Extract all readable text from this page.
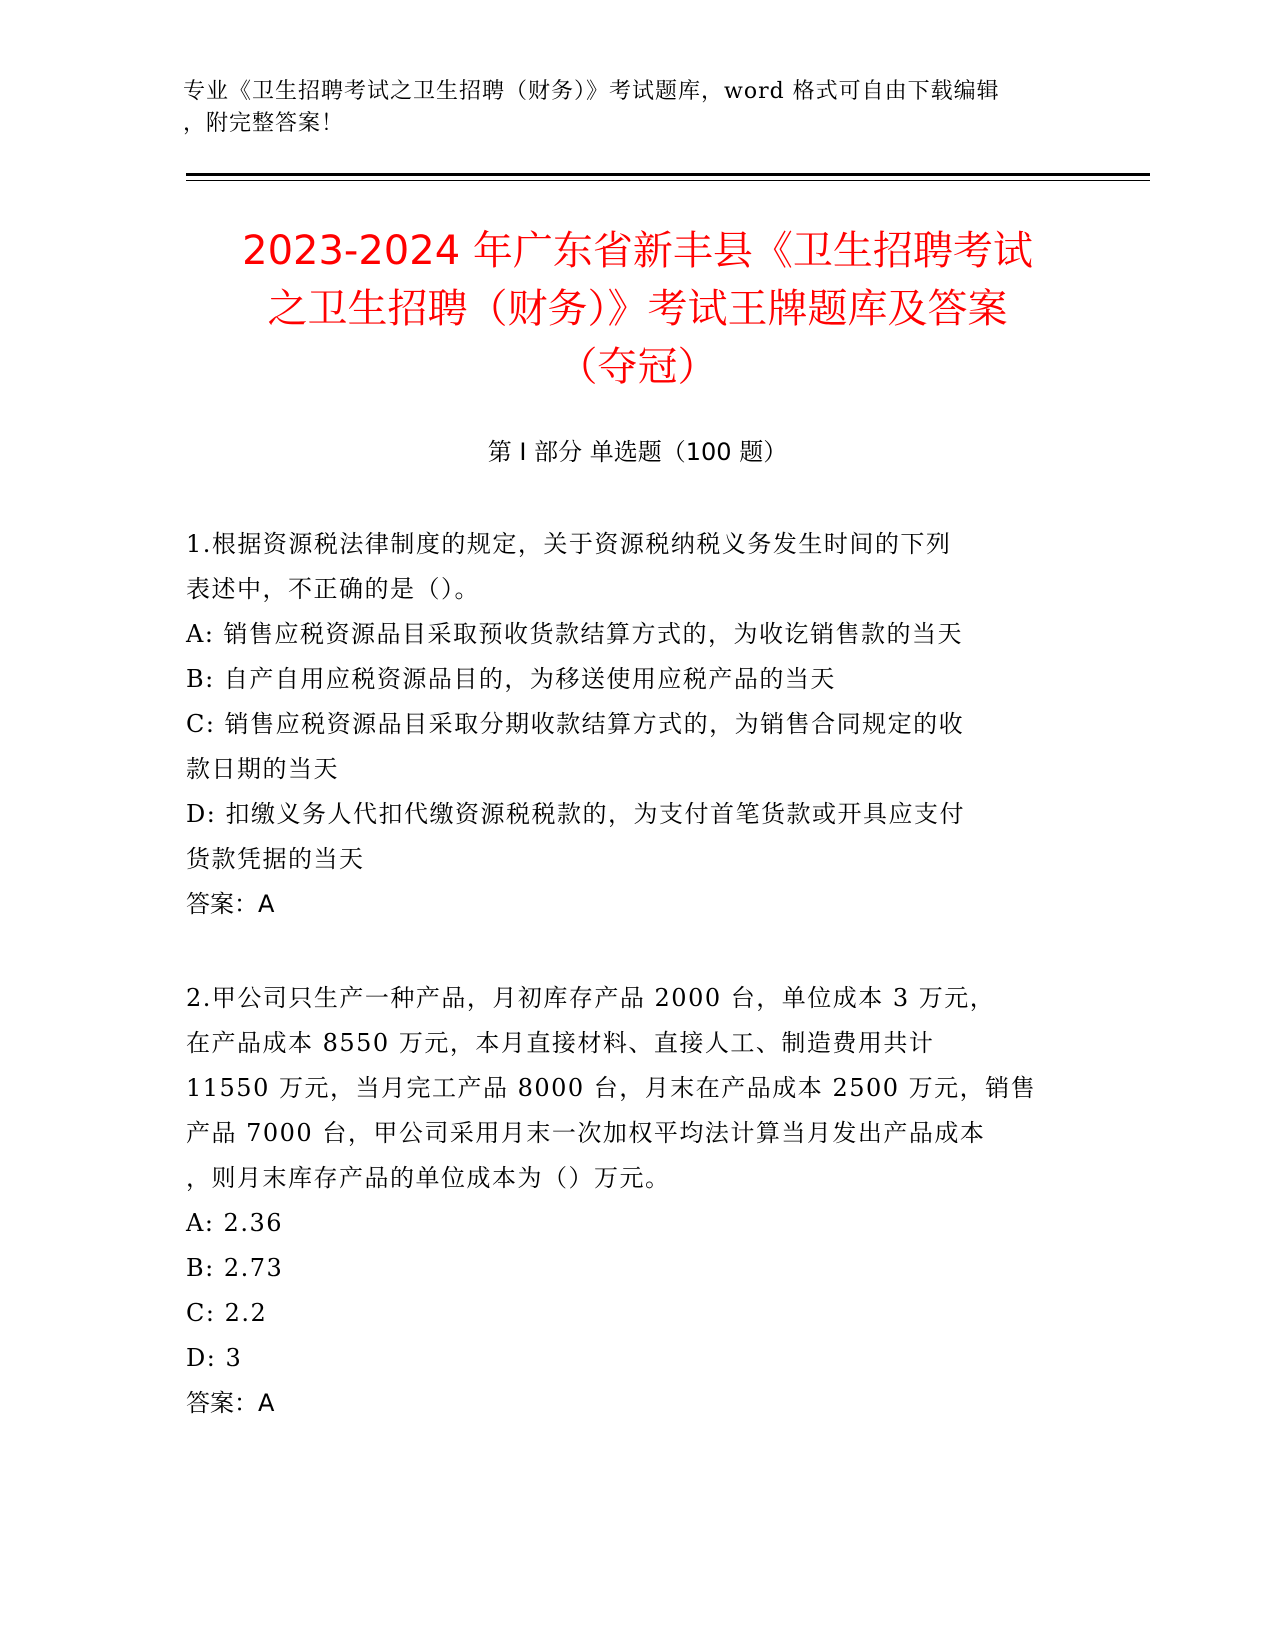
专业《卫生招聘考试之卫生招聘（财务）》考试题库，word 格式可自由下载编辑
，附完整答案！
2023-2024 年广东省新丰县《卫生招聘考试
之卫生招聘（财务）》考试王牌题库及答案
（夺冠）
第 I 部分 单选题（100 题）
1.根据资源税法律制度的规定，关于资源税纳税义务发生时间的下列
表述中，不正确的是（）。
A: 销售应税资源品目采取预收货款结算方式的，为收讫销售款的当天
B: 自产自用应税资源品目的，为移送使用应税产品的当天
C: 销售应税资源品目采取分期收款结算方式的，为销售合同规定的收
款日期的当天
D: 扣缴义务人代扣代缴资源税税款的，为支付首笔货款或开具应支付
货款凭据的当天
答案：A
2.甲公司只生产一种产品，月初库存产品 2000 台，单位成本 3 万元，
在产品成本 8550 万元，本月直接材料、直接人工、制造费用共计
11550 万元，当月完工产品 8000 台，月末在产品成本 2500 万元，销售
产品 7000 台，甲公司采用月末一次加权平均法计算当月发出产品成本
，则月末库存产品的单位成本为（）万元。
A: 2.36
B: 2.73
C: 2.2
D: 3
答案：A
